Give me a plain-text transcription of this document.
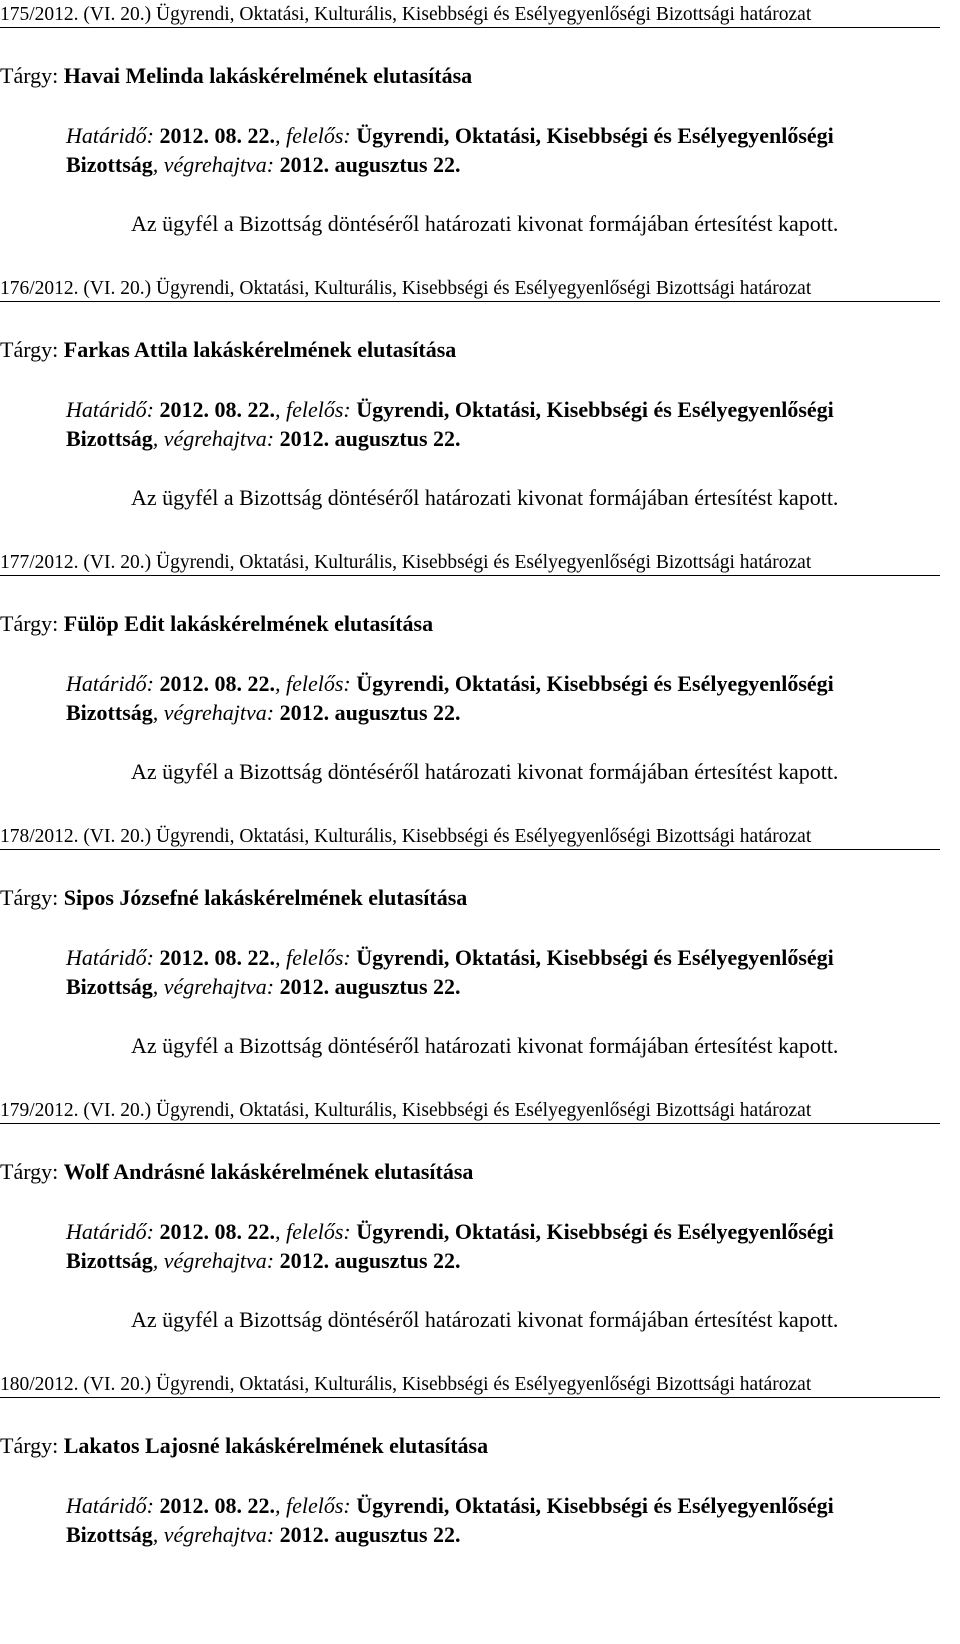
175/2012. (VI. 20.) Ügyrendi, Oktatási, Kulturális, Kisebbségi és Esélyegyenlőségi Bizottsági határozat
Tárgy: Havai Melinda lakáskérelmének elutasítása
Határidő: 2012. 08. 22., felelős: Ügyrendi, Oktatási, Kisebbségi és Esélyegyenlőségi
Bizottság, végrehajtva: 2012. augusztus 22.
Az ügyfél a Bizottság döntéséről határozati kivonat formájában értesítést kapott.
176/2012. (VI. 20.) Ügyrendi, Oktatási, Kulturális, Kisebbségi és Esélyegyenlőségi Bizottsági határozat
Tárgy: Farkas Attila lakáskérelmének elutasítása
Határidő: 2012. 08. 22., felelős: Ügyrendi, Oktatási, Kisebbségi és Esélyegyenlőségi
Bizottság, végrehajtva: 2012. augusztus 22.
Az ügyfél a Bizottság döntéséről határozati kivonat formájában értesítést kapott.
177/2012. (VI. 20.) Ügyrendi, Oktatási, Kulturális, Kisebbségi és Esélyegyenlőségi Bizottsági határozat
Tárgy: Fülöp Edit lakáskérelmének elutasítása
Határidő: 2012. 08. 22., felelős: Ügyrendi, Oktatási, Kisebbségi és Esélyegyenlőségi
Bizottság, végrehajtva: 2012. augusztus 22.
Az ügyfél a Bizottság döntéséről határozati kivonat formájában értesítést kapott.
178/2012. (VI. 20.) Ügyrendi, Oktatási, Kulturális, Kisebbségi és Esélyegyenlőségi Bizottsági határozat
Tárgy: Sipos Józsefné lakáskérelmének elutasítása
Határidő: 2012. 08. 22., felelős: Ügyrendi, Oktatási, Kisebbségi és Esélyegyenlőségi
Bizottság, végrehajtva: 2012. augusztus 22.
Az ügyfél a Bizottság döntéséről határozati kivonat formájában értesítést kapott.
179/2012. (VI. 20.) Ügyrendi, Oktatási, Kulturális, Kisebbségi és Esélyegyenlőségi Bizottsági határozat
Tárgy: Wolf Andrásné lakáskérelmének elutasítása
Határidő: 2012. 08. 22., felelős: Ügyrendi, Oktatási, Kisebbségi és Esélyegyenlőségi
Bizottság, végrehajtva: 2012. augusztus 22.
Az ügyfél a Bizottság döntéséről határozati kivonat formájában értesítést kapott.
180/2012. (VI. 20.) Ügyrendi, Oktatási, Kulturális, Kisebbségi és Esélyegyenlőségi Bizottsági határozat
Tárgy: Lakatos Lajosné lakáskérelmének elutasítása
Határidő: 2012. 08. 22., felelős: Ügyrendi, Oktatási, Kisebbségi és Esélyegyenlőségi
Bizottság, végrehajtva: 2012. augusztus 22.
